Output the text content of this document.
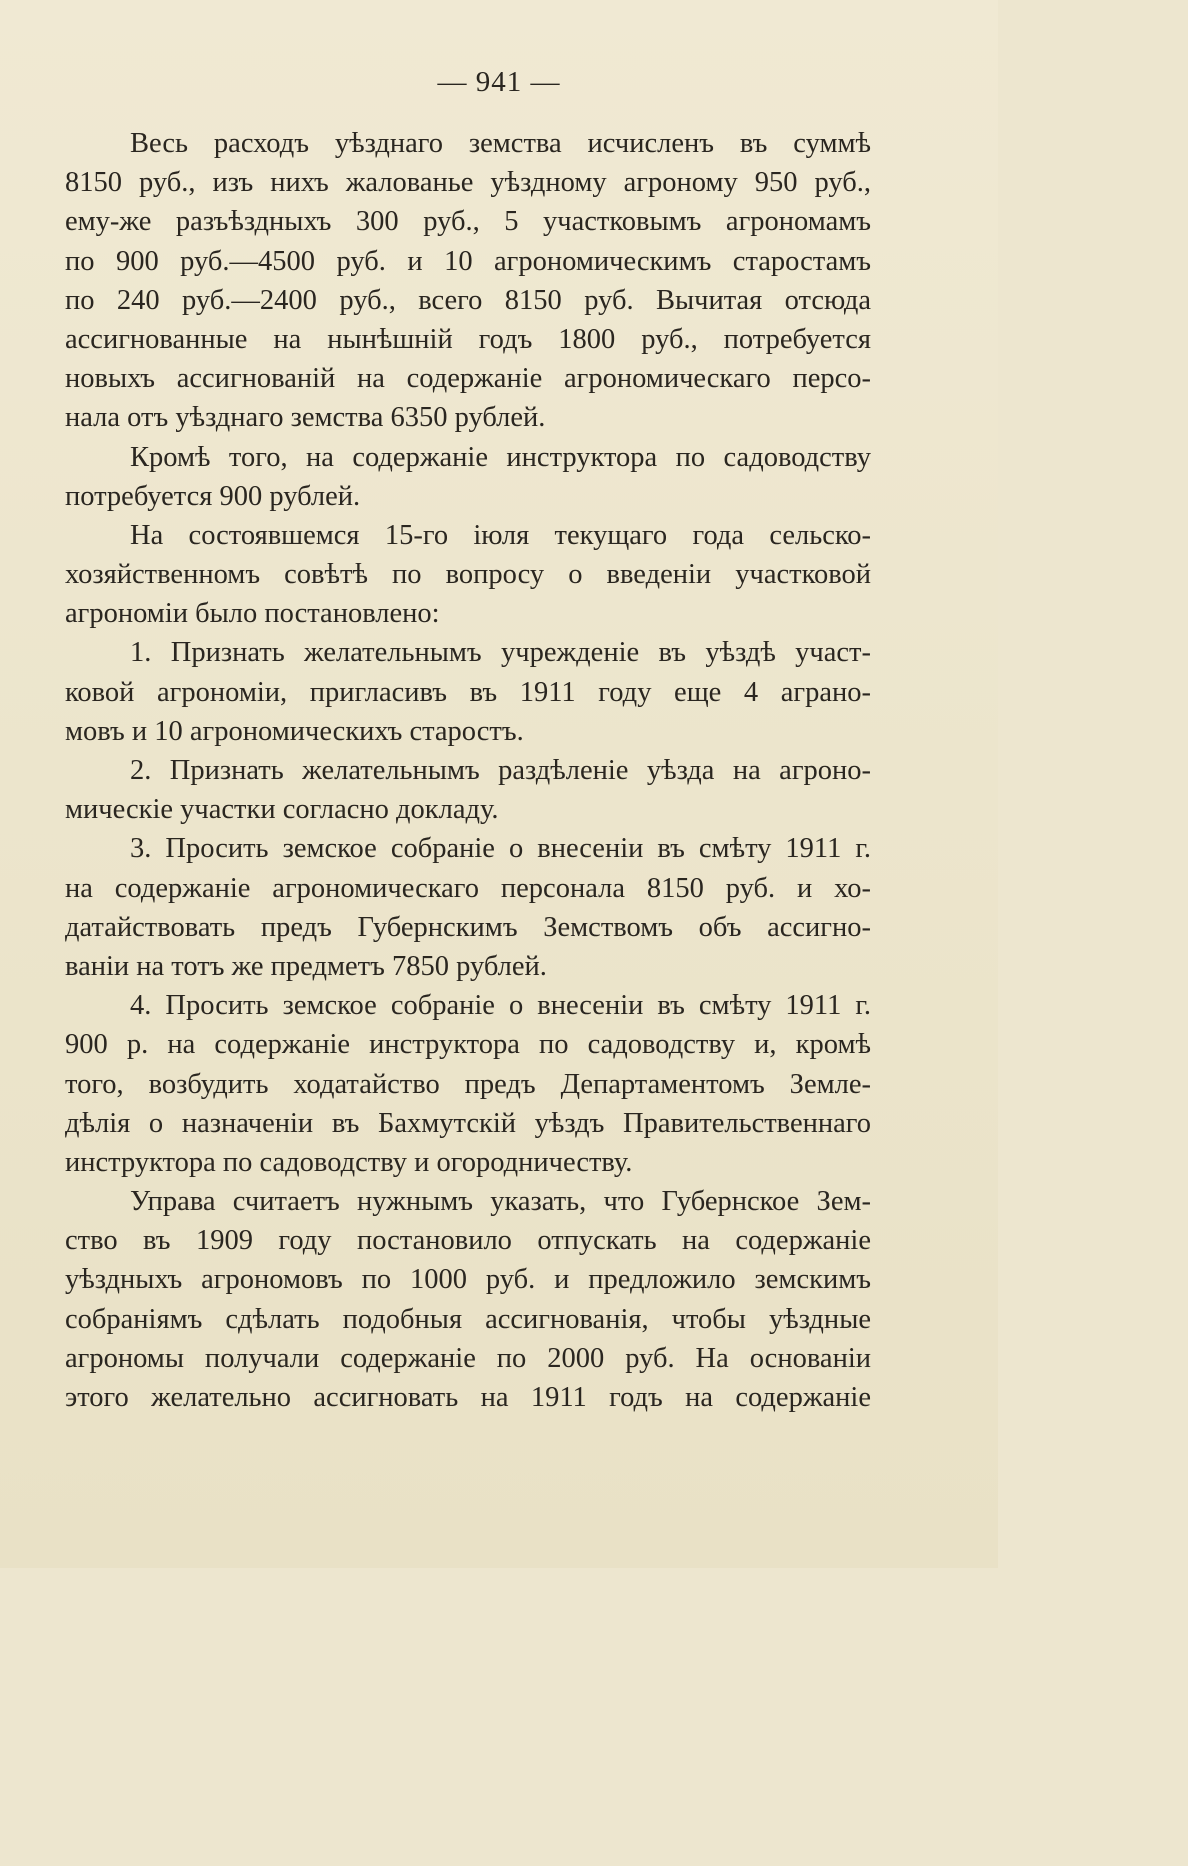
— 941 —
Весь расходъ уѣзднаго земства исчисленъ въ суммѣ
8150 руб., изъ нихъ жалованье уѣздному агроному 950 руб.,
ему-же разъѣздныхъ 300 руб., 5 участковымъ агрономамъ
по 900 руб.—4500 руб. и 10 агрономическимъ старостамъ
по 240 руб.—2400 руб., всего 8150 руб. Вычитая отсюда
ассигнованные на нынѣшній годъ 1800 руб., потребуется
новыхъ ассигнованій на содержаніе агрономическаго персо-
нала отъ уѣзднаго земства 6350 рублей.
Кромѣ того, на содержаніе инструктора по садоводству
потребуется 900 рублей.
На состоявшемся 15-го іюля текущаго года сельско-
хозяйственномъ совѣтѣ по вопросу о введеніи участковой
агрономіи было постановлено:
1. Признать желательнымъ учрежденіе въ уѣздѣ участ-
ковой агрономіи, пригласивъ въ 1911 году еще 4 аграно-
мовъ и 10 агрономическихъ старостъ.
2. Признать желательнымъ раздѣленіе уѣзда на агроно-
мическіе участки согласно докладу.
3. Просить земское собраніе о внесеніи въ смѣту 1911 г.
на содержаніе агрономическаго персонала 8150 руб. и хо-
датайствовать предъ Губернскимъ Земствомъ объ ассигно-
ваніи на тотъ же предметъ 7850 рублей.
4. Просить земское собраніе о внесеніи въ смѣту 1911 г.
900 р. на содержаніе инструктора по садоводству и, кромѣ
того, возбудить ходатайство предъ Департаментомъ Земле-
дѣлія о назначеніи въ Бахмутскій уѣздъ Правительственнаго
инструктора по садоводству и огородничеству.
Управа считаетъ нужнымъ указать, что Губернское Зем-
ство въ 1909 году постановило отпускать на содержаніе
уѣздныхъ агрономовъ по 1000 руб. и предложило земскимъ
собраніямъ сдѣлать подобныя ассигнованія, чтобы уѣздные
агрономы получали содержаніе по 2000 руб. На основаніи
этого желательно ассигновать на 1911 годъ на содержаніе
